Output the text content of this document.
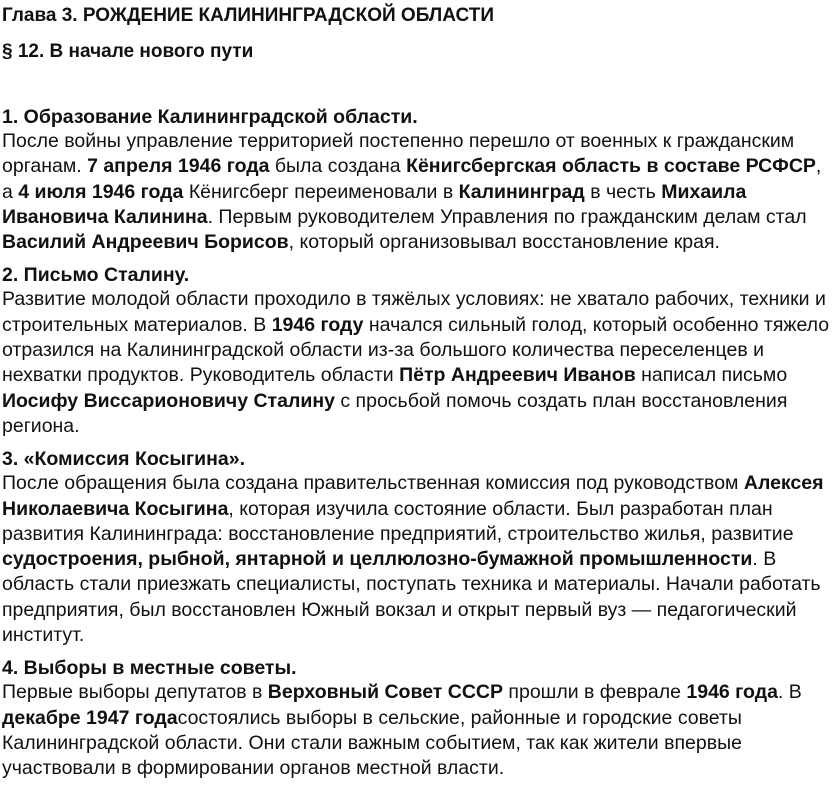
Глава 3. РОЖДЕНИЕ КАЛИНИНГРАДСКОЙ ОБЛАСТИ
§ 12. В начале нового пути
1. Образование Калининградской области.
После войны управление территорией постепенно перешло от военных к гражданским органам. 7 апреля 1946 года была создана Кёнигсбергская область в составе РСФСР, а 4 июля 1946 года Кёнигсберг переименовали в Калининград в честь Михаила Ивановича Калинина. Первым руководителем Управления по гражданским делам стал Василий Андреевич Борисов, который организовывал восстановление края.
2. Письмо Сталину.
Развитие молодой области проходило в тяжёлых условиях: не хватало рабочих, техники и строительных материалов. В 1946 году начался сильный голод, который особенно тяжело отразился на Калининградской области из-за большого количества переселенцев и нехватки продуктов. Руководитель области Пётр Андреевич Иванов написал письмо Иосифу Виссарионовичу Сталину с просьбой помочь создать план восстановления региона.
3. «Комиссия Косыгина».
После обращения была создана правительственная комиссия под руководством Алексея Николаевича Косыгина, которая изучила состояние области. Был разработан план развития Калининграда: восстановление предприятий, строительство жилья, развитие судостроения, рыбной, янтарной и целлюлозно-бумажной промышленности. В область стали приезжать специалисты, поступать техника и материалы. Начали работать предприятия, был восстановлен Южный вокзал и открыт первый вуз — педагогический институт.
4. Выборы в местные советы.
Первые выборы депутатов в Верховный Совет СССР прошли в феврале 1946 года. В декабре 1947 годасостоялись выборы в сельские, районные и городские советы Калининградской области. Они стали важным событием, так как жители впервые участвовали в формировании органов местной власти.
